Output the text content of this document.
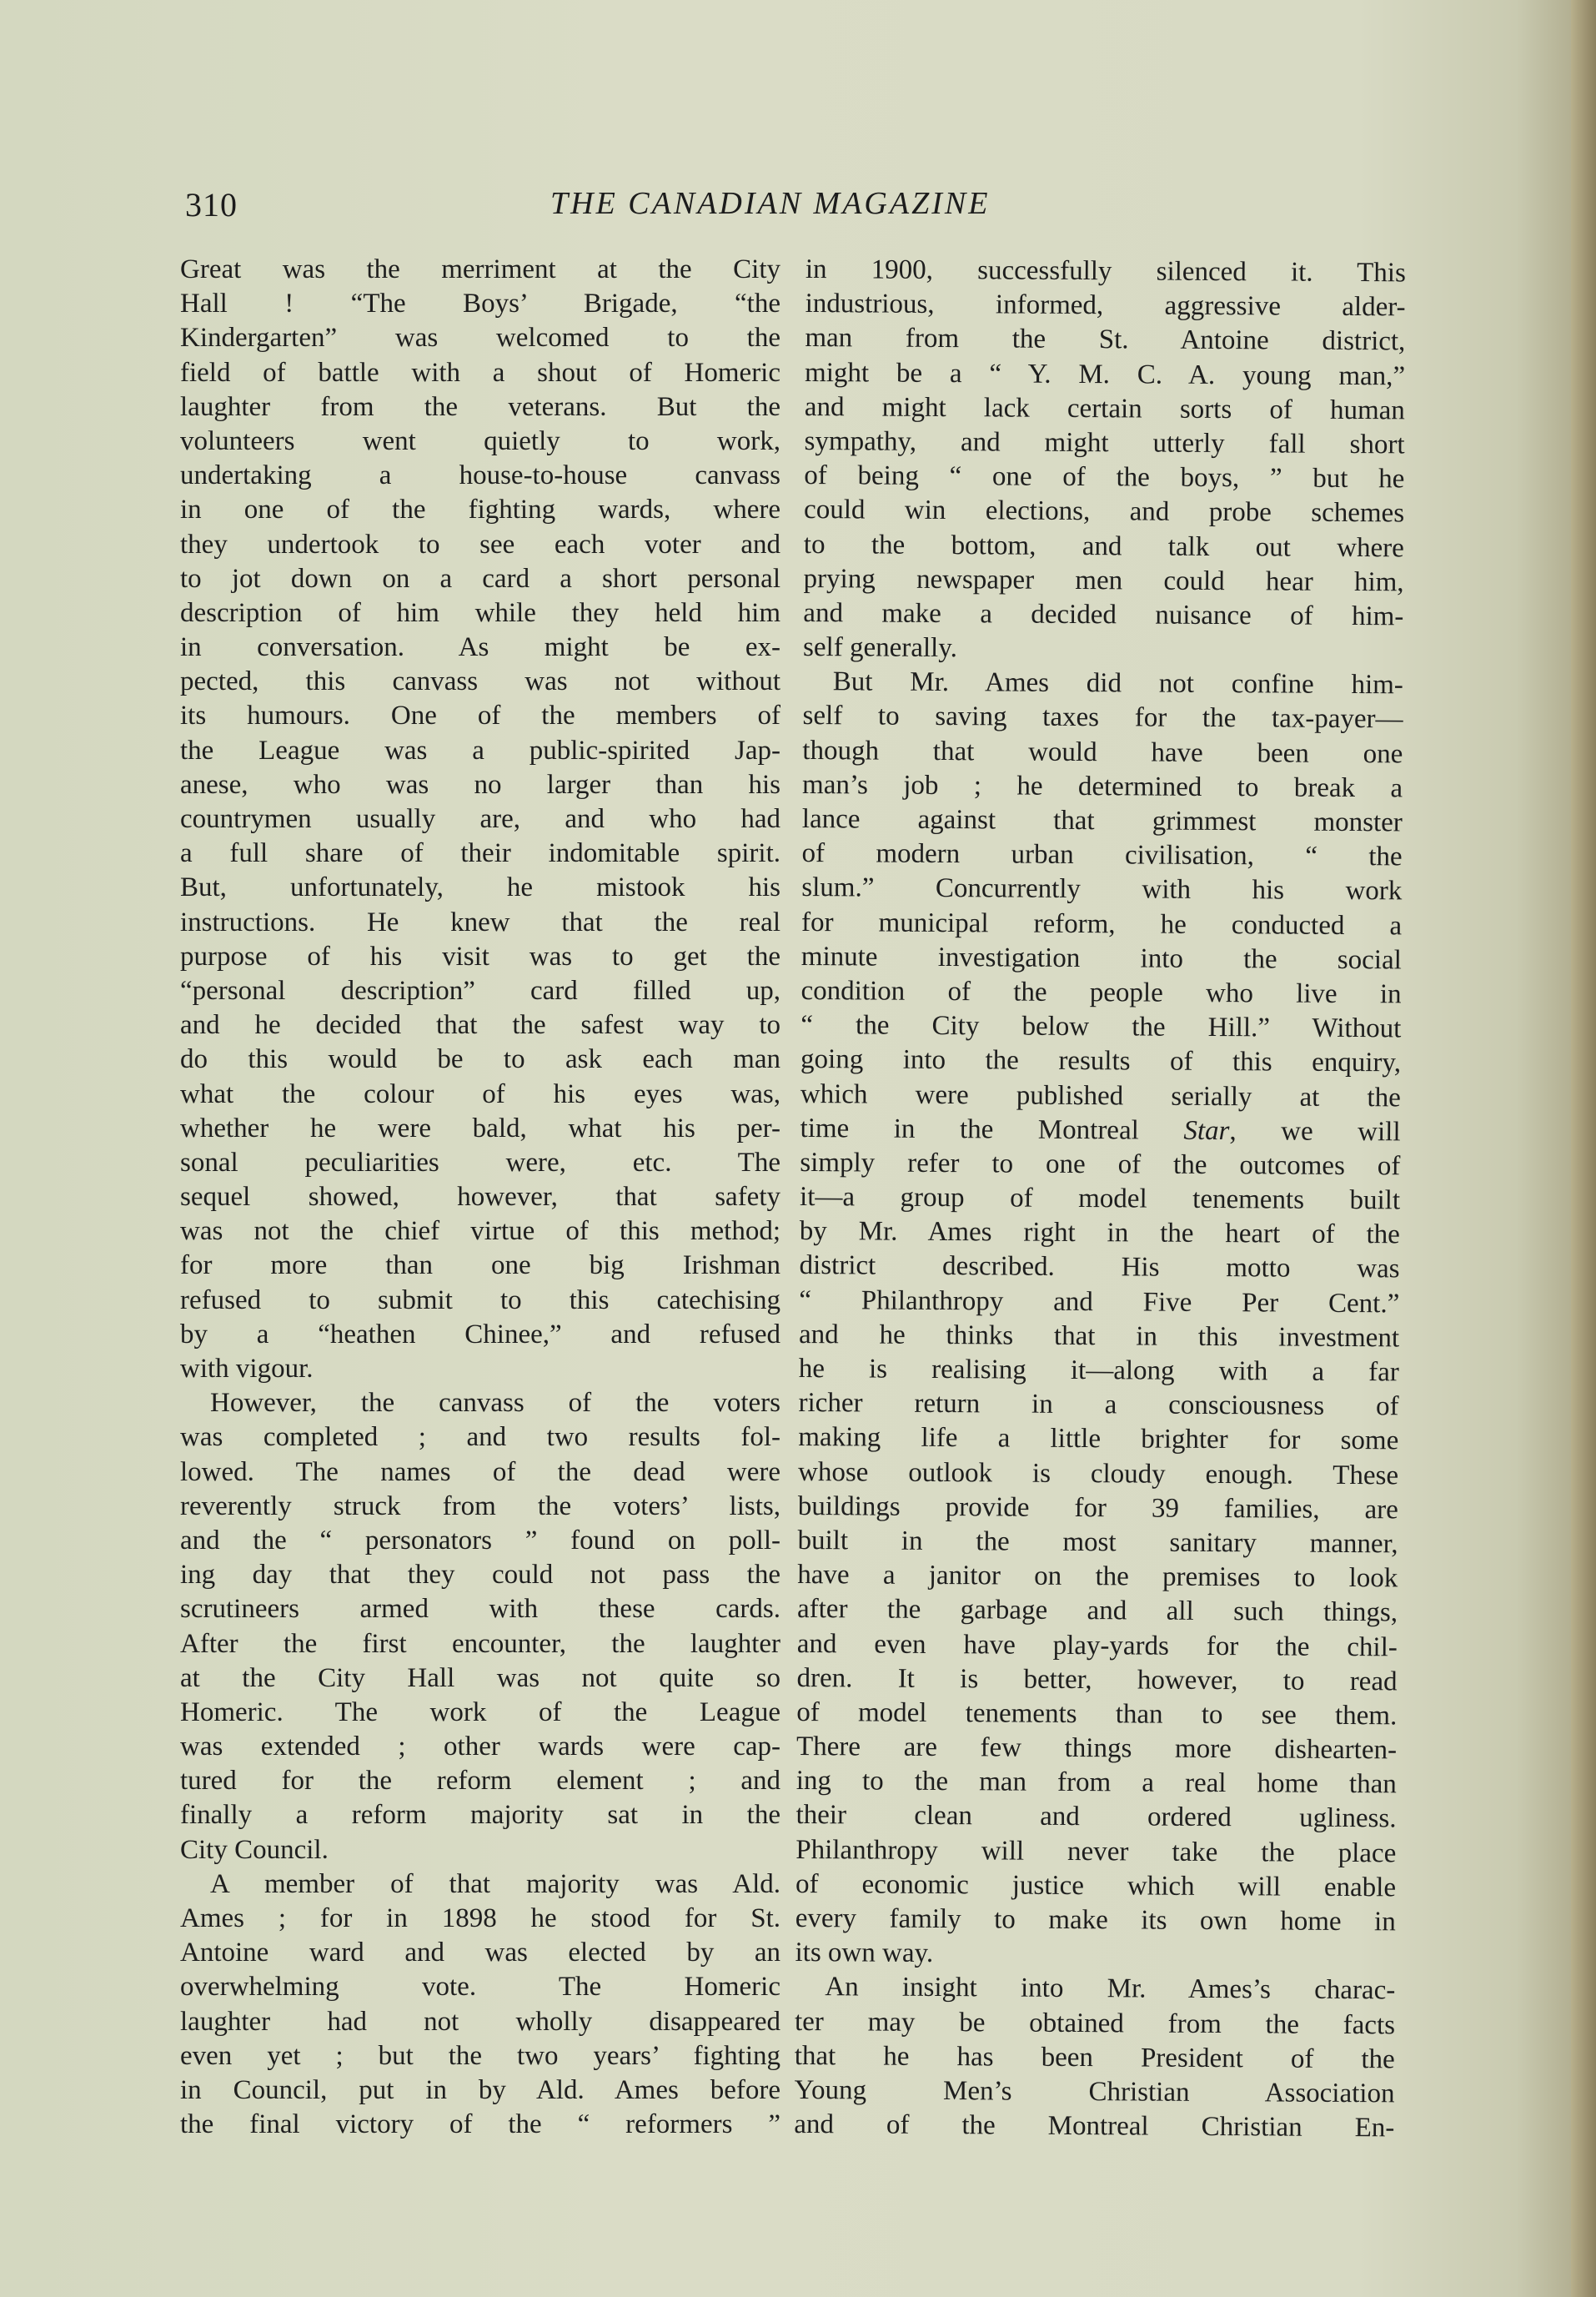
310	THE CANADIAN MAGAZINE
Great was the merriment at the City
Hall ! “The Boys’ Brigade, “the
Kindergarten” was welcomed to the
field of battle with a shout of Homeric
laughter from the veterans. But the
volunteers went quietly to work,
undertaking a house-to-house canvass
in one of the fighting wards, where
they undertook to see each voter and
to jot down on a card a short personal
description of him while they held him
in conversation. As might be ex-
pected, this canvass was not without
its humours. One of the members of
the League was a public-spirited Jap-
anese, who was no larger than his
countrymen usually are, and who had
a full share of their indomitable spirit.
But, unfortunately, he mistook his
instructions. He knew that the real
purpose of his visit was to get the
“personal description” card filled up,
and he decided that the safest way to
do this would be to ask each man
what the colour of his eyes was,
whether he were bald, what his per-
sonal peculiarities were, etc. The
sequel showed, however, that safety
was not the chief virtue of this method;
for more than one big Irishman
refused to submit to this catechising
by a “heathen Chinee,” and refused
with vigour.
However, the canvass of the voters
was completed ; and two results fol-
lowed. The names of the dead were
reverently struck from the voters’ lists,
and the “ personators ” found on poll-
ing day that they could not pass the
scrutineers armed with these cards.
After the first encounter, the laughter
at the City Hall was not quite so
Homeric. The work of the League
was extended ; other wards were cap-
tured for the reform element ; and
finally a reform majority sat in the
City Council.
A member of that majority was Ald.
Ames ; for in 1898 he stood for St.
Antoine ward and was elected by an
overwhelming vote. The Homeric
laughter had not wholly disappeared
even yet ; but the two years’ fighting
in Council, put in by Ald. Ames before
the final victory of the “ reformers ”
in 1900, successfully silenced it. This
industrious, informed, aggressive alder-
man from the St. Antoine district,
might be a “ Y. M. C. A. young man,”
and might lack certain sorts of human
sympathy, and might utterly fall short
of being “ one of the boys, ” but he
could win elections, and probe schemes
to the bottom, and talk out where
prying newspaper men could hear him,
and make a decided nuisance of him-
self generally.
But Mr. Ames did not confine him-
self to saving taxes for the tax-payer—
though that would have been one
man’s job ; he determined to break a
lance against that grimmest monster
of modern urban civilisation, “ the
slum.” Concurrently with his work
for municipal reform, he conducted a
minute investigation into the social
condition of the people who live in
“ the City below the Hill.” Without
going into the results of this enquiry,
which were published serially at the
time in the Montreal Star, we will
simply refer to one of the outcomes of
it—a group of model tenements built
by Mr. Ames right in the heart of the
district described. His motto was
“ Philanthropy and Five Per Cent.”
and he thinks that in this investment
he is realising it—along with a far
richer return in a consciousness of
making life a little brighter for some
whose outlook is cloudy enough. These
buildings provide for 39 families, are
built in the most sanitary manner,
have a janitor on the premises to look
after the garbage and all such things,
and even have play-yards for the chil-
dren. It is better, however, to read
of model tenements than to see them.
There are few things more dishearten-
ing to the man from a real home than
their clean and ordered ugliness.
Philanthropy will never take the place
of economic justice which will enable
every family to make its own home in
its own way.
An insight into Mr. Ames’s charac-
ter may be obtained from the facts
that he has been President of the
Young Men’s Christian Association
and of the Montreal Christian En-
